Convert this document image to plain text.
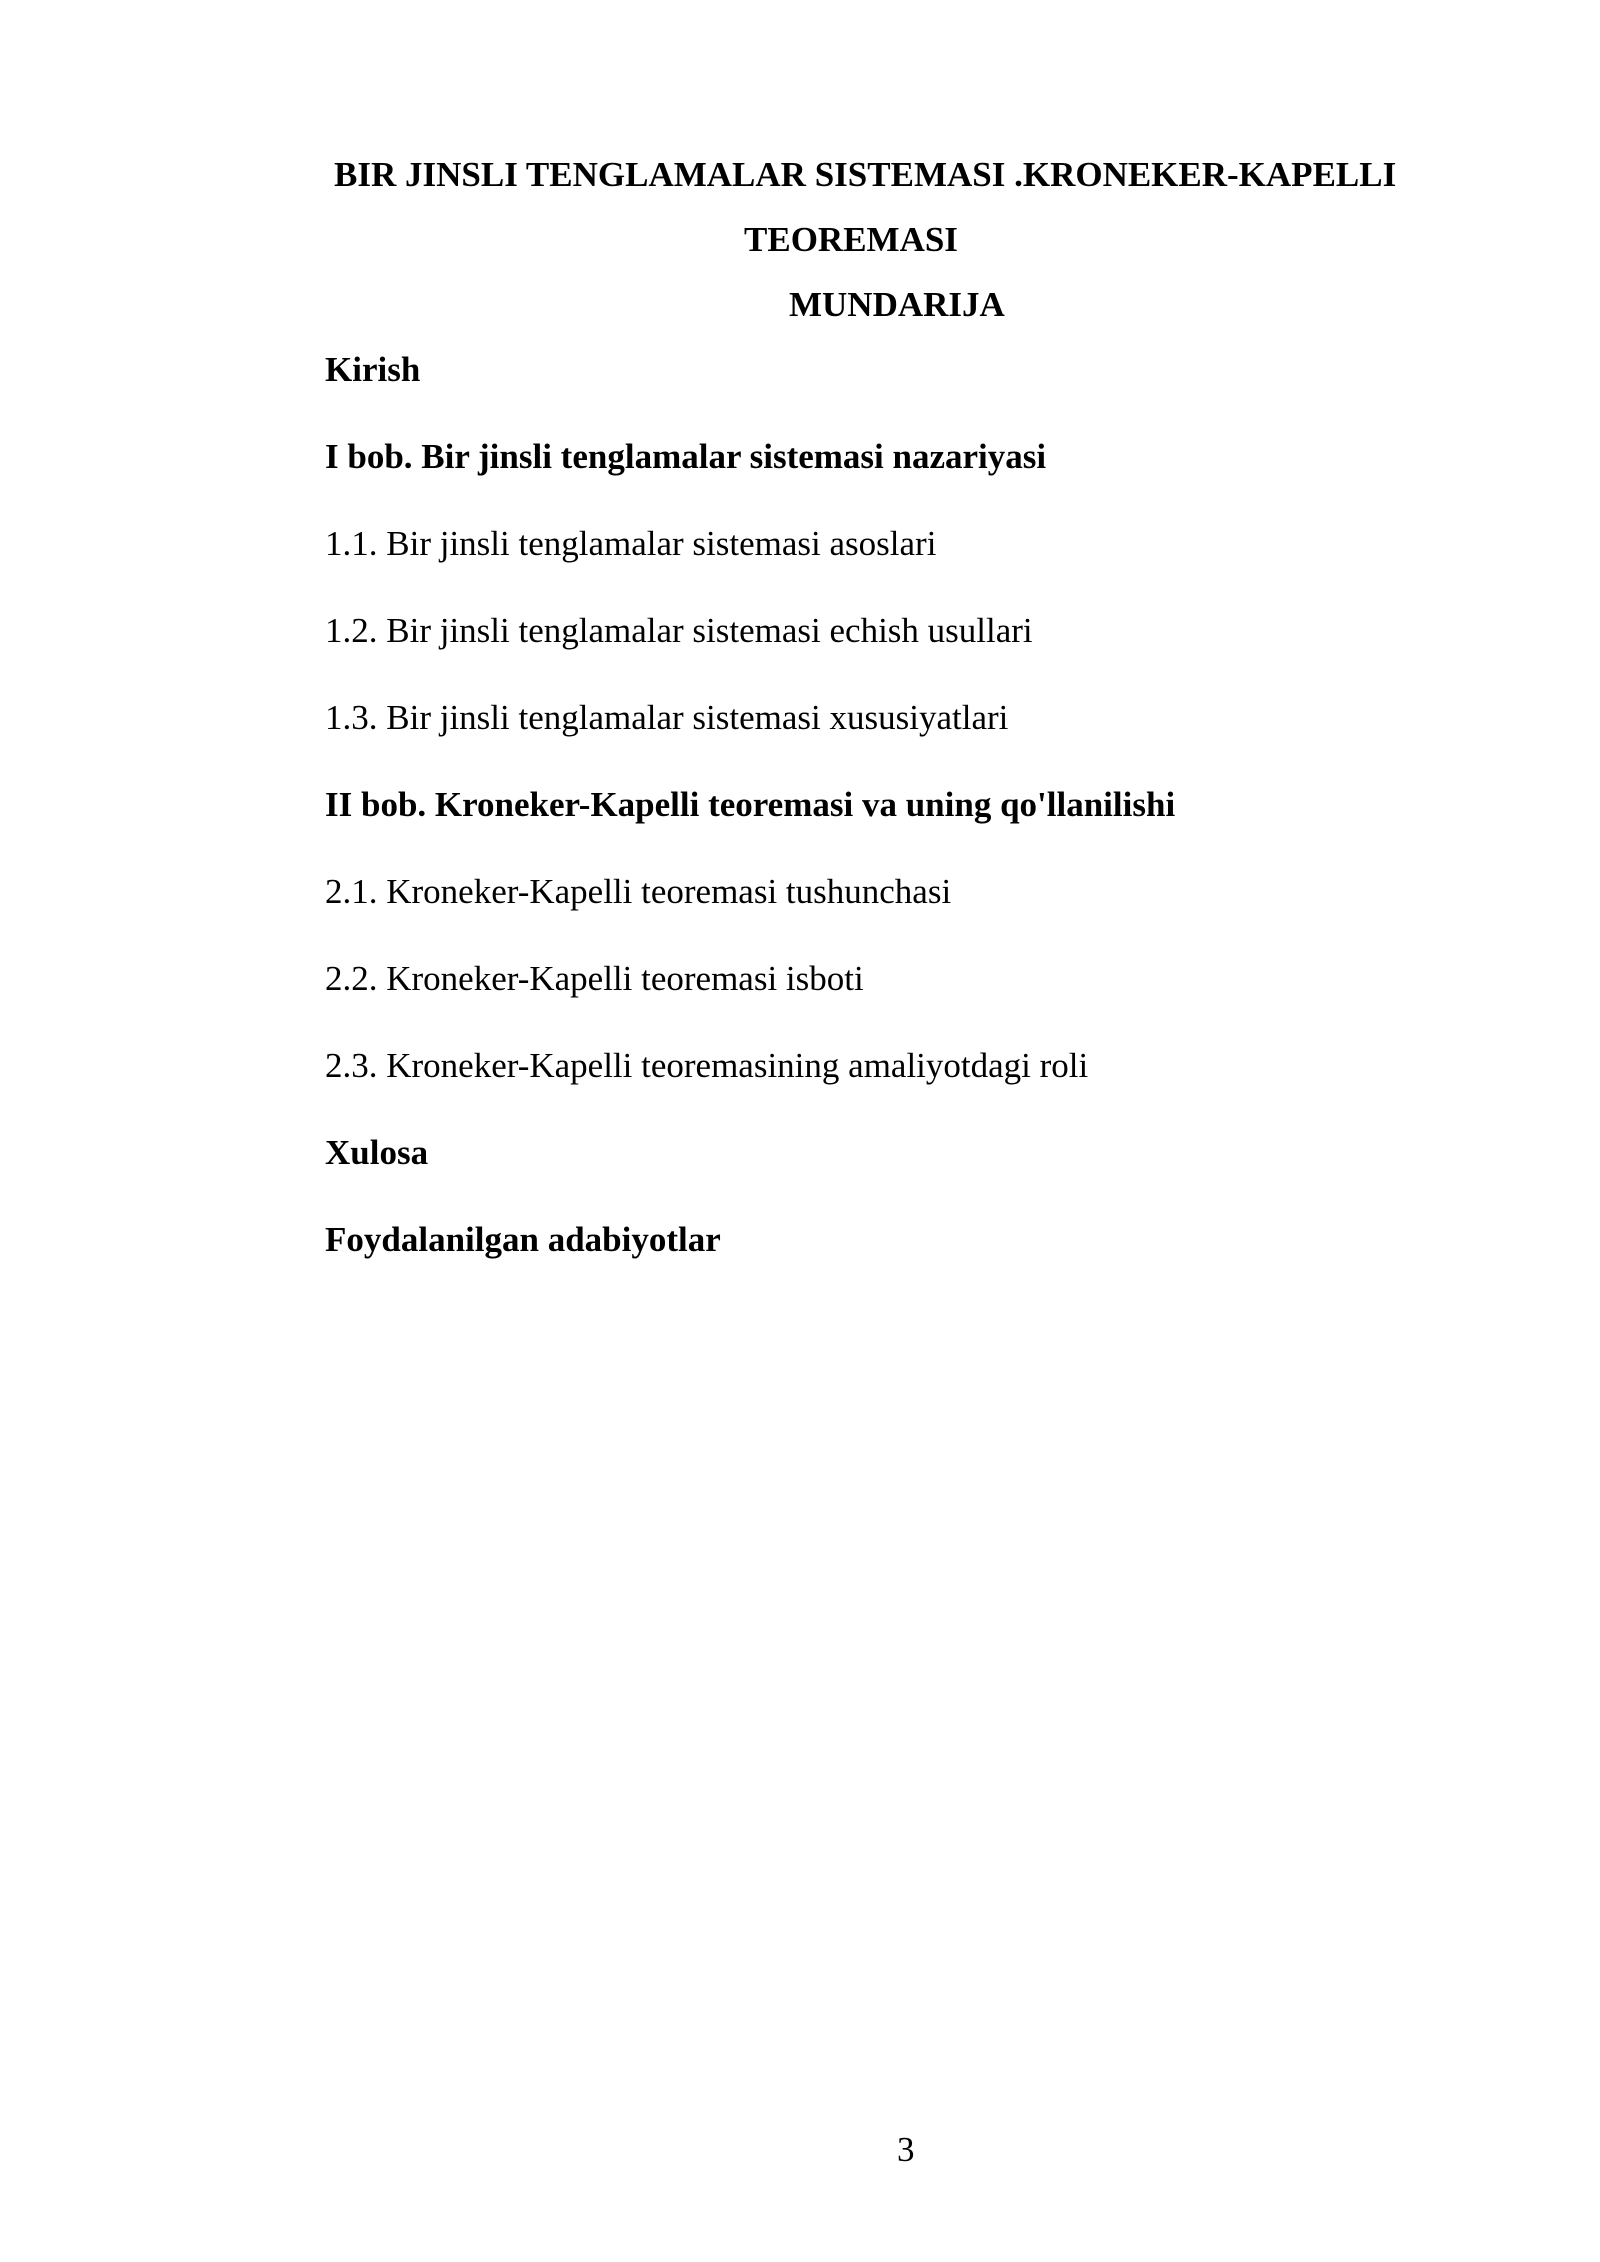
BIR JINSLI TENGLAMALAR SISTEMASI .KRONEKER-KAPELLI
TEOREMASI
MUNDARIJA
Kirish
I bob. Bir jinsli tenglamalar sistemasi nazariyasi
1.1. Bir jinsli tenglamalar sistemasi asoslari
1.2. Bir jinsli tenglamalar sistemasi echish usullari
1.3. Bir jinsli tenglamalar sistemasi xususiyatlari
II bob. Kroneker-Kapelli teoremasi va uning qo'llanilishi
2.1. Kroneker-Kapelli teoremasi tushunchasi
2.2. Kroneker-Kapelli teoremasi isboti
2.3. Kroneker-Kapelli teoremasining amaliyotdagi roli
Xulosa
Foydalanilgan adabiyotlar
3
